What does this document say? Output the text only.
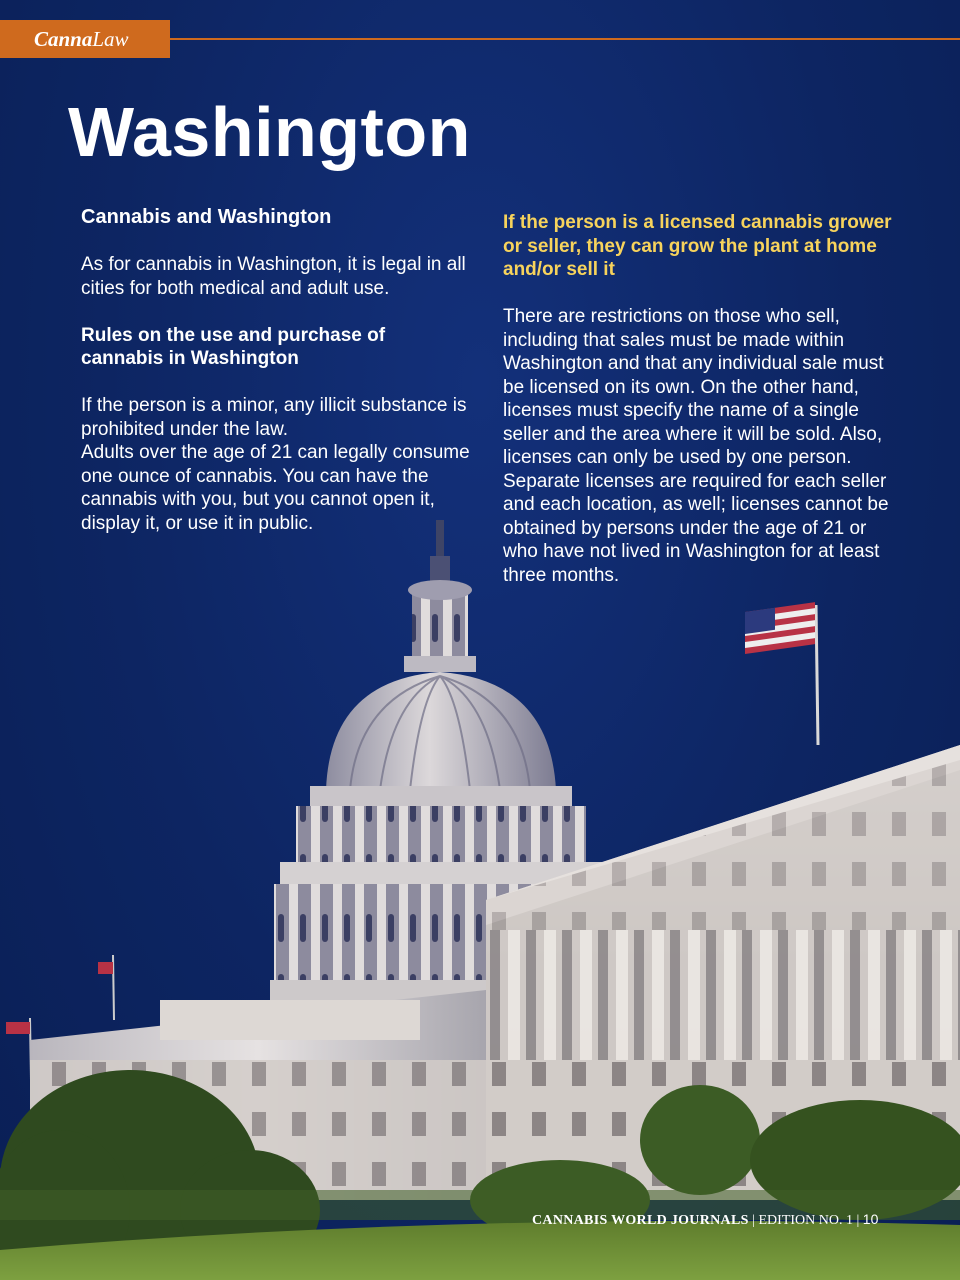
CannaLaw
Washington

Cannabis and Washington

As for cannabis in Washington, it is legal in all cities for both medical and adult use.

Rules on the use and purchase of cannabis in Washington

If the person is a minor, any illicit substance is prohibited under the law.

Adults over the age of 21 can legally consume one ounce of cannabis. You can have the cannabis with you, but you cannot open it, display it, or use it in public.

If the person is a licensed cannabis grower or seller, they can grow the plant at home and/or sell it

There are restrictions on those who sell, including that sales must be made within Washington and that any individual sale must be licensed on its own. On the other hand, licenses must specify the name of a single seller and the area where it will be sold. Also, licenses can only be used by one person. Separate licenses are required for each seller and each location, as well; licenses cannot be obtained by persons under the age of 21 or who have not lived in Washington for at least three months.

CANNABIS WORLD JOURNALS | EDITION NO. 1 | 10
